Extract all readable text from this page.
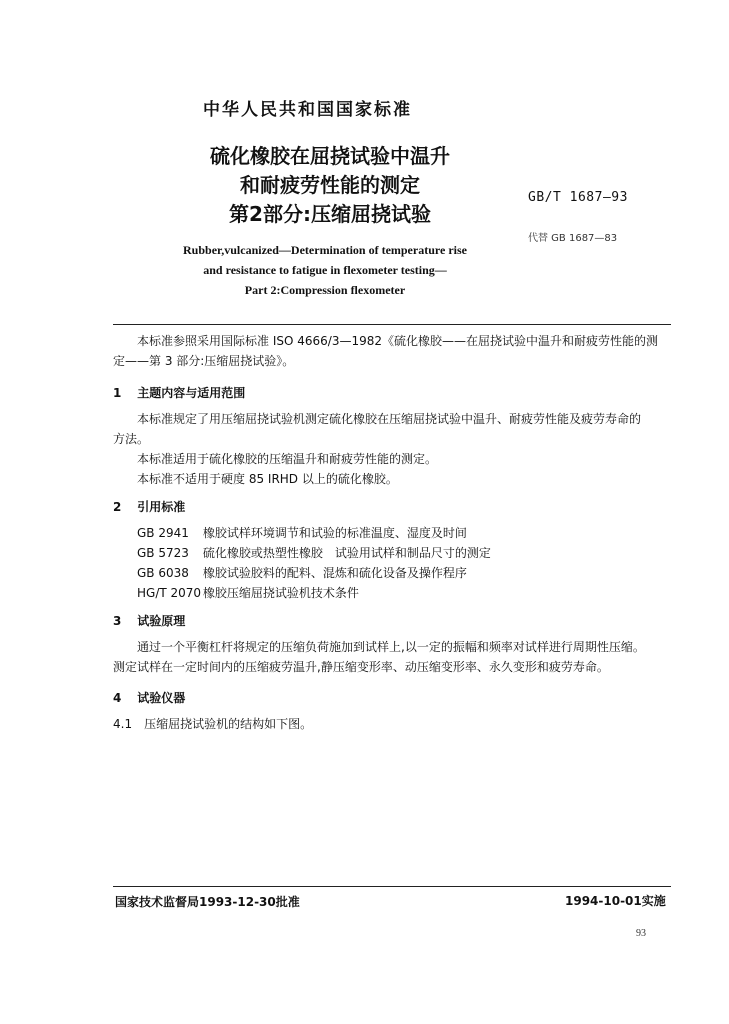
中华人民共和国国家标准
硫化橡胶在屈挠试验中温升
和耐疲劳性能的测定
第2部分:压缩屈挠试验
GB/T 1687—93
代替 GB 1687—83
Rubber,vulcanized—Determination of temperature rise
and resistance to fatigue in flexometer testing—
Part 2:Compression flexometer

本标准参照采用国际标准 ISO 4666/3—1982《硫化橡胶——在屈挠试验中温升和耐疲劳性能的测

定——第 3 部分:压缩屈挠试验》。

1 主题内容与适用范围

本标准规定了用压缩屈挠试验机测定硫化橡胶在压缩屈挠试验中温升、耐疲劳性能及疲劳寿命的

方法。

本标准适用于硫化橡胶的压缩温升和耐疲劳性能的测定。

本标准不适用于硬度 85 IRHD 以上的硫化橡胶。

2 引用标准
GB 2941 橡胶试样环境调节和试验的标准温度、湿度及时间
GB 5723 硫化橡胶或热塑性橡胶　试验用试样和制品尺寸的测定
GB 6038 橡胶试验胶料的配料、混炼和硫化设备及操作程序
HG/T 2070 橡胶压缩屈挠试验机技术条件
3 试验原理

通过一个平衡杠杆将规定的压缩负荷施加到试样上,以一定的振幅和频率对试样进行周期性压缩。

测定试样在一定时间内的压缩疲劳温升,静压缩变形率、动压缩变形率、永久变形和疲劳寿命。

4 试验仪器

4.1　压缩屈挠试验机的结构如下图。

国家技术监督局1993-12-30批准	1994-10-01实施
93
